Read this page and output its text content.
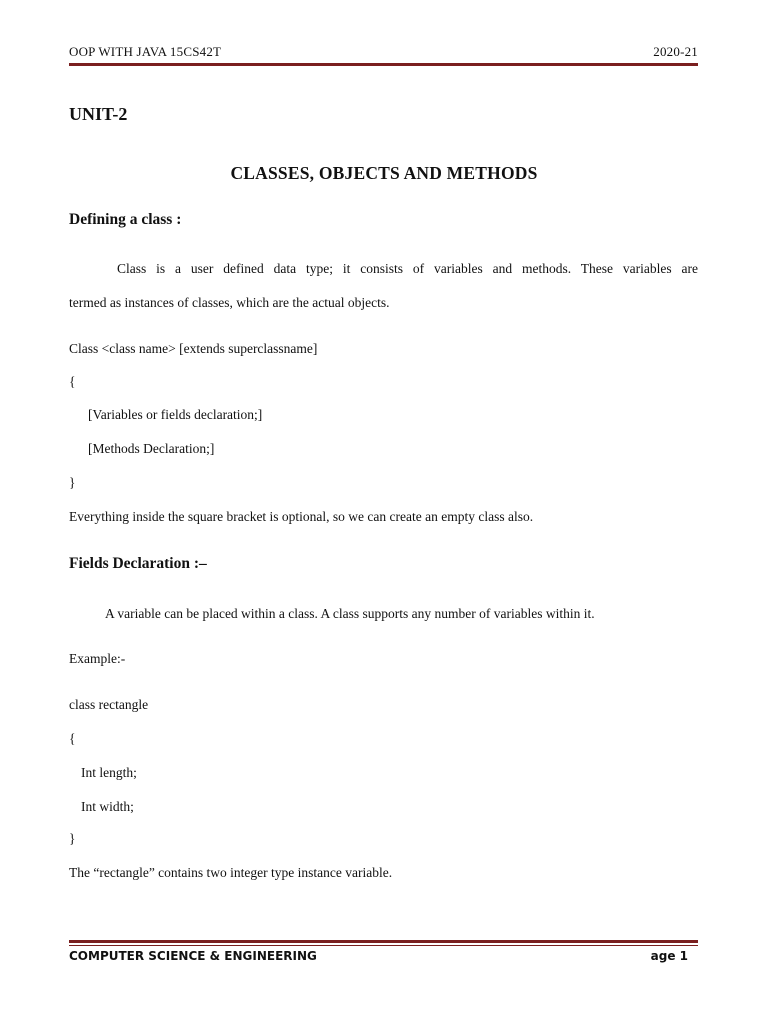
OOP WITH JAVA 15CS42T	2020-21
UNIT-2
CLASSES, OBJECTS AND METHODS
Defining a class :
Class is a user defined data type; it consists of variables and methods. These variables are
termed as instances of classes, which are the actual objects.
Class <class name> [extends superclassname]
{
[Variables or fields declaration;]
[Methods Declaration;]
}
Everything inside the square bracket is optional, so we can create an empty class also.
Fields Declaration :–
A variable can be placed within a class. A class supports any number of variables within it.
Example:-
class rectangle
{
Int length;
Int width;
}
The “rectangle” contains two integer type instance variable.
COMPUTER SCIENCE & ENGINEERING	age 1
